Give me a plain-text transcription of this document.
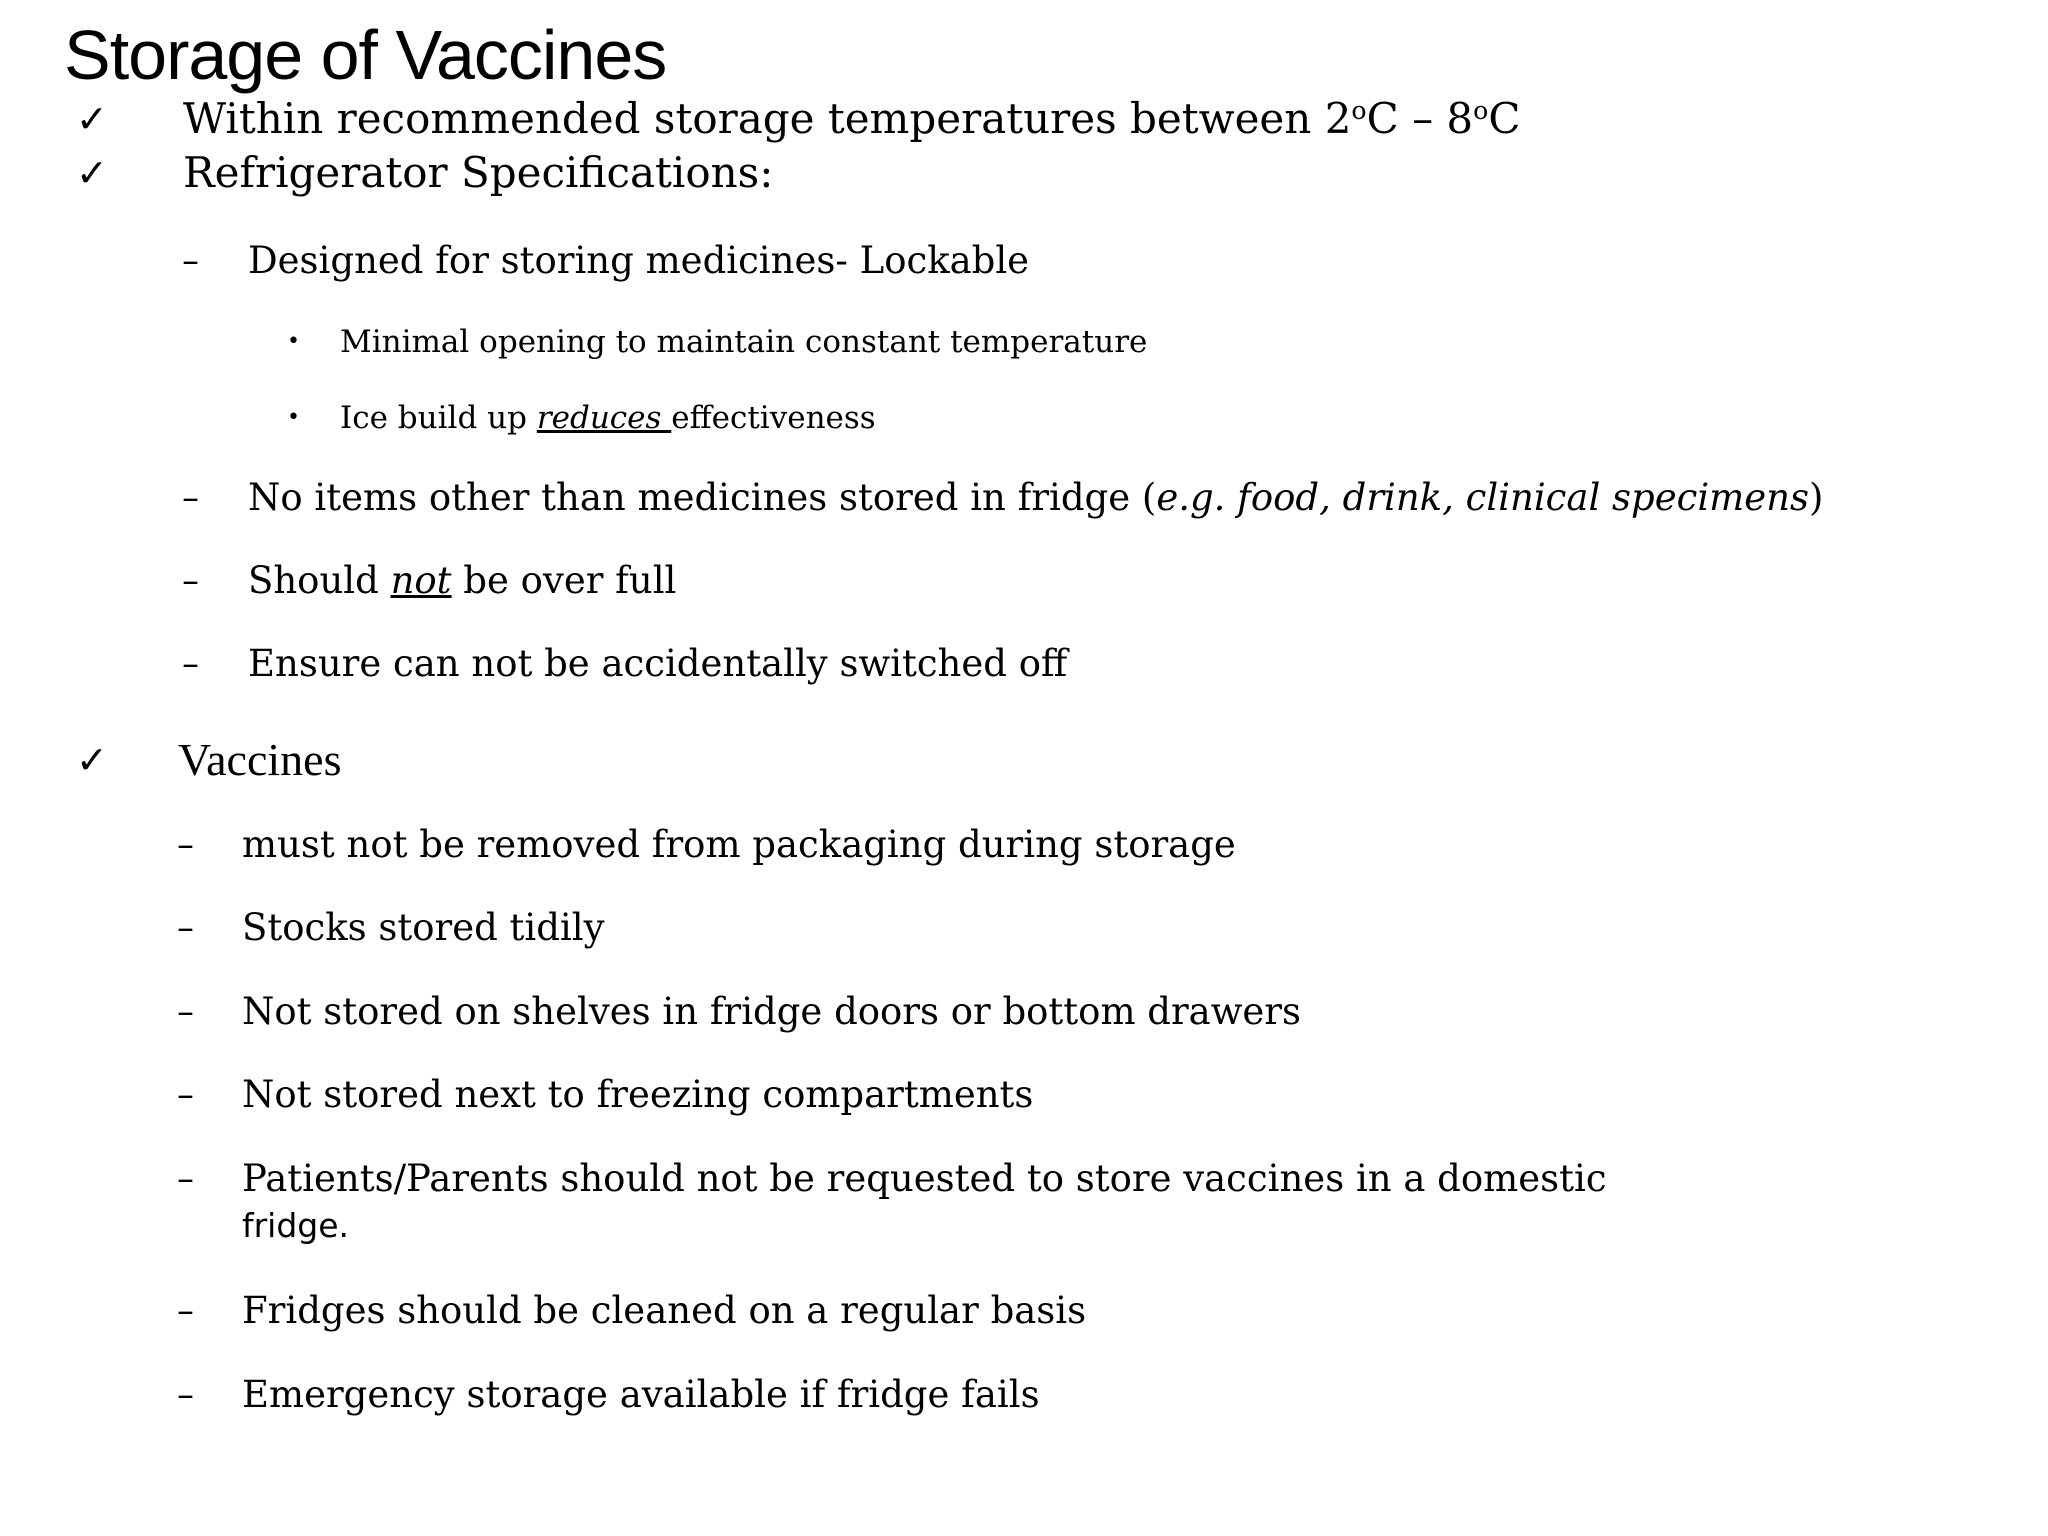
Storage of Vaccines
✓ Within recommended storage temperatures between 2$^o$C – 8$^o$C
✓ Refrigerator Specifications:
– Designed for storing medicines- Lockable
• Minimal opening to maintain constant temperature
• Ice build up reduces effectiveness
– No items other than medicines stored in fridge (e.g. food, drink, clinical specimens)
– Should not be over full
– Ensure can not be accidentally switched off
✓ Vaccines
– must not be removed from packaging during storage
– Stocks stored tidily
– Not stored on shelves in fridge doors or bottom drawers
– Not stored next to freezing compartments
– Patients/Parents should not be requested to store vaccines in a domestic
fridge.
– Fridges should be cleaned on a regular basis
– Emergency storage available if fridge fails
